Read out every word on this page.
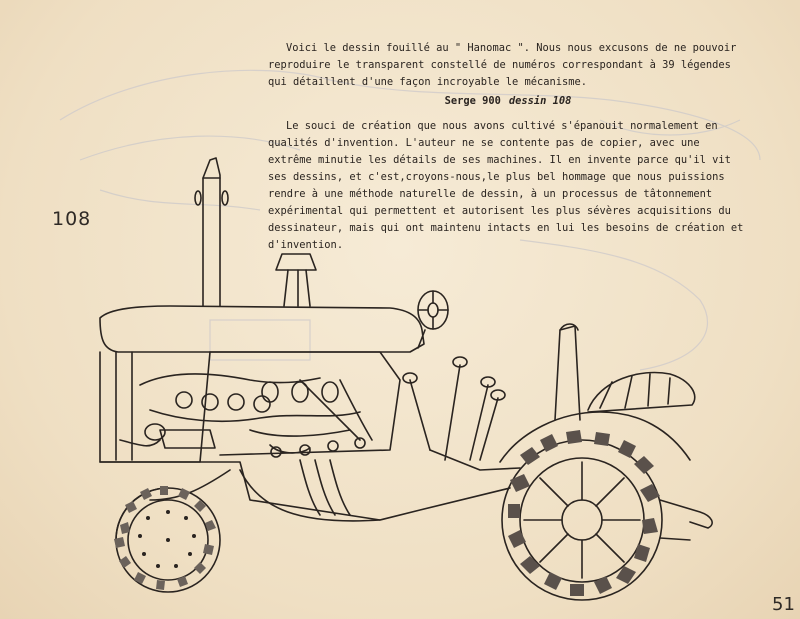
108

Voici le dessin fouillé au " Hanomac ". Nous nous excusons de ne pouvoir reproduire le transparent constellé de numéros correspondant à 39 légendes qui détaillent d'une façon incroyable le mécanisme.

Serge 900 dessin 108

Le souci de création que nous avons cultivé s'épanouit normalement en qualités d'invention. L'auteur ne se contente pas de copier, avec une extrême minutie les détails de ses machines. Il en invente parce qu'il vit ses dessins, et c'est,croyons-nous,le plus bel hommage que nous puissions rendre à une méthode naturelle de dessin, à un processus de tâtonnement expérimental qui permettent et autorisent les plus sévères acquisitions du dessinateur, mais qui ont maintenu intacts en lui les besoins de création et d'invention.

51
